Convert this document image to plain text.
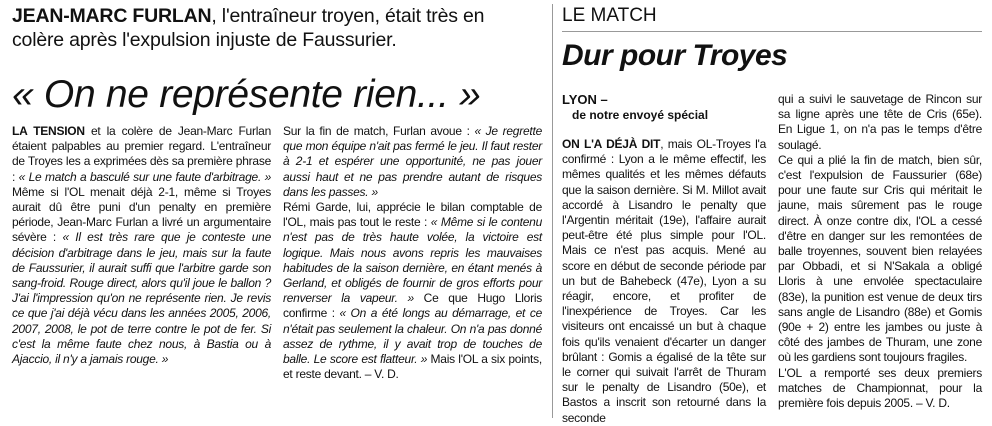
JEAN-MARC FURLAN, l'entraîneur troyen, était très en
colère après l'expulsion injuste de Faussurier.

« On ne représente rien... »

LA TENSION et la colère de Jean-Marc Furlan étaient palpables au premier regard. L'entraîneur de Troyes les a exprimées dès sa première phrase : « Le match a basculé sur une faute d'arbitrage. » Même si l'OL menait déjà 2-1, même si Troyes aurait dû être puni d'un penalty en première période, Jean-Marc Furlan a livré un argumentaire sévère : « Il est très rare que je conteste une décision d'arbitrage dans le jeu, mais sur la faute de Faussurier, il aurait suffi que l'arbitre garde son sang-froid. Rouge direct, alors qu'il joue le ballon ? J'ai l'impression qu'on ne représente rien. Je revis ce que j'ai déjà vécu dans les années 2005, 2006, 2007, 2008, le pot de terre contre le pot de fer. Si c'est la même faute chez nous, à Bastia ou à Ajaccio, il n'y a jamais rouge. »

Sur la fin de match, Furlan avoue : « Je regrette que mon équipe n'ait pas fermé le jeu. Il faut rester à 2-1 et espérer une opportunité, ne pas jouer aussi haut et ne pas prendre autant de risques dans les passes. »

Rémi Garde, lui, apprécie le bilan comptable de l'OL, mais pas tout le reste : « Même si le contenu n'est pas de très haute volée, la victoire est logique. Mais nous avons repris les mauvaises habitudes de la saison dernière, en étant menés à Gerland, et obligés de fournir de gros efforts pour renverser la vapeur. » Ce que Hugo Lloris confirme : « On a été longs au démarrage, et ce n'était pas seulement la chaleur. On n'a pas donné assez de rythme, il y avait trop de touches de balle. Le score est flatteur. » Mais l'OL a six points, et reste devant. – V. D.

LE MATCH
Dur pour Troyes

LYON –

de notre envoyé spécial

ON L'A DÉJÀ DIT, mais OL-Troyes l'a confirmé : Lyon a le même effectif, les mêmes qualités et les mêmes défauts que la saison dernière. Si M. Millot avait accordé à Lisandro le penalty que l'Argentin méritait (19e), l'affaire aurait peut-être été plus simple pour l'OL. Mais ce n'est pas acquis. Mené au score en début de seconde période par un but de Bahebeck (47e), Lyon a su réagir, encore, et profiter de l'inexpérience de Troyes. Car les visiteurs ont encaissé un but à chaque fois qu'ils venaient d'écarter un danger brûlant : Gomis a égalisé de la tête sur le corner qui suivait l'arrêt de Thuram sur le penalty de Lisandro (50e), et Bastos a inscrit son retourné dans la seconde

qui a suivi le sauvetage de Rincon sur sa ligne après une tête de Cris (65e). En Ligue 1, on n'a pas le temps d'être soulagé.

Ce qui a plié la fin de match, bien sûr, c'est l'expulsion de Faussurier (68e) pour une faute sur Cris qui méritait le jaune, mais sûrement pas le rouge direct. À onze contre dix, l'OL a cessé d'être en danger sur les remontées de balle troyennes, souvent bien relayées par Obbadi, et si N'Sakala a obligé Lloris à une envolée spectaculaire (83e), la punition est venue de deux tirs sans angle de Lisandro (88e) et Gomis (90e + 2) entre les jambes ou juste à côté des jambes de Thuram, une zone où les gardiens sont toujours fragiles.

L'OL a remporté ses deux premiers matches de Championnat, pour la première fois depuis 2005. – V. D.
